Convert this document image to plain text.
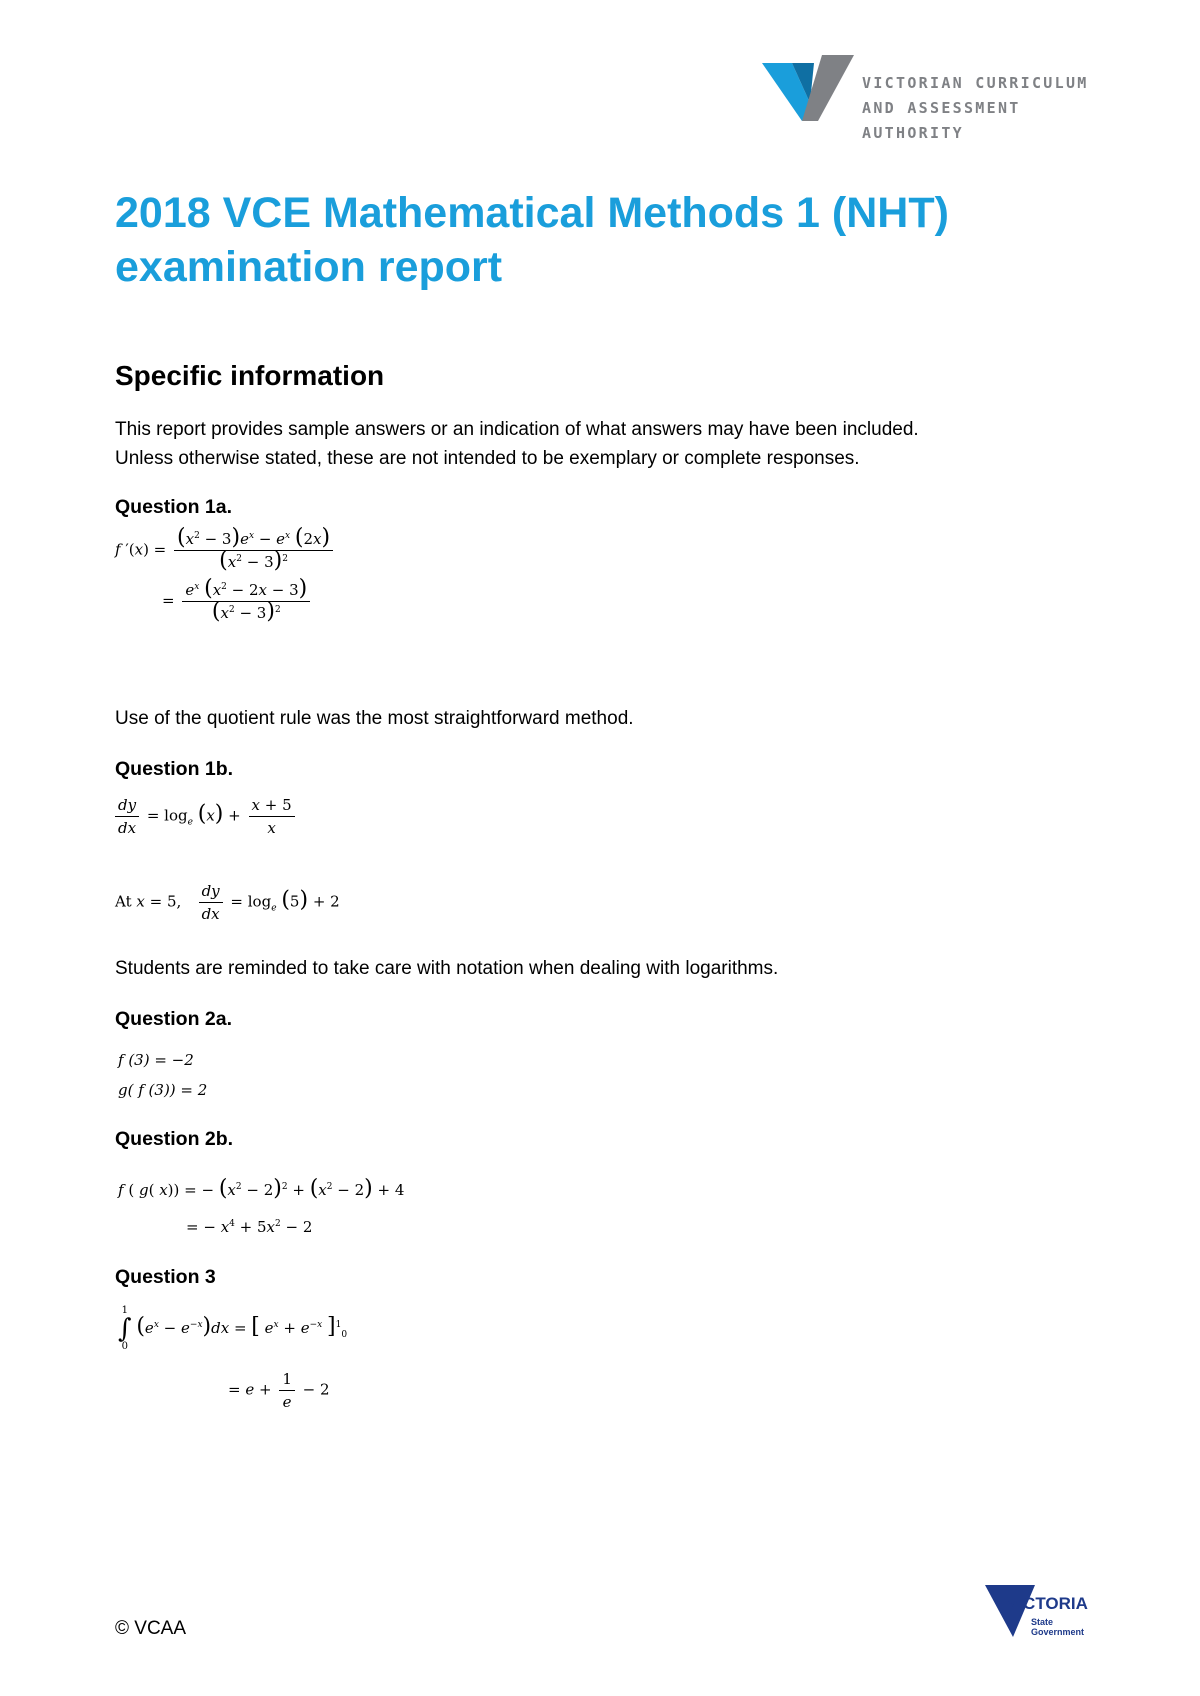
VICTORIAN CURRICULUM
AND ASSESSMENT AUTHORITY
2018 VCE Mathematical Methods 1 (NHT)
examination report
Specific information

This report provides sample answers or an indication of what answers may have been included.
Unless otherwise stated, these are not intended to be exemplary or complete responses.

Question 1a.

f $'(x) = \frac{(x^2 - 3)e^x - e^x (2x)}{(x^2 - 3)^2}$
= $\frac{e^x (x^2 - 2x - 3)}{(x^2 - 3)^2}$

Use of the quotient rule was the most straightforward method.

Question 1b.

$\frac{dy}{dx} = \log_e (x) + \frac{x + 5}{x}$
At x = 5, $\frac{dy}{dx} = \log_e (5) + 2$

Students are reminded to take care with notation when dealing with logarithms.

Question 2a.

f (3) = −2
g( f (3)) = 2

Question 2b.

f ( g( x)) = − $(x^2 - 2)^2 + (x^2 - 2) + 4$
= − $x^4 + 5x^2 - 2$

Question 3

1
∫
0 $(e^x - e^{-x})dx$ = [ $e^x + e^{-x}$ ]$^1_0$
= $e + \frac{1}{e} - 2$

© VCAA

VICTORIA
State
Government
